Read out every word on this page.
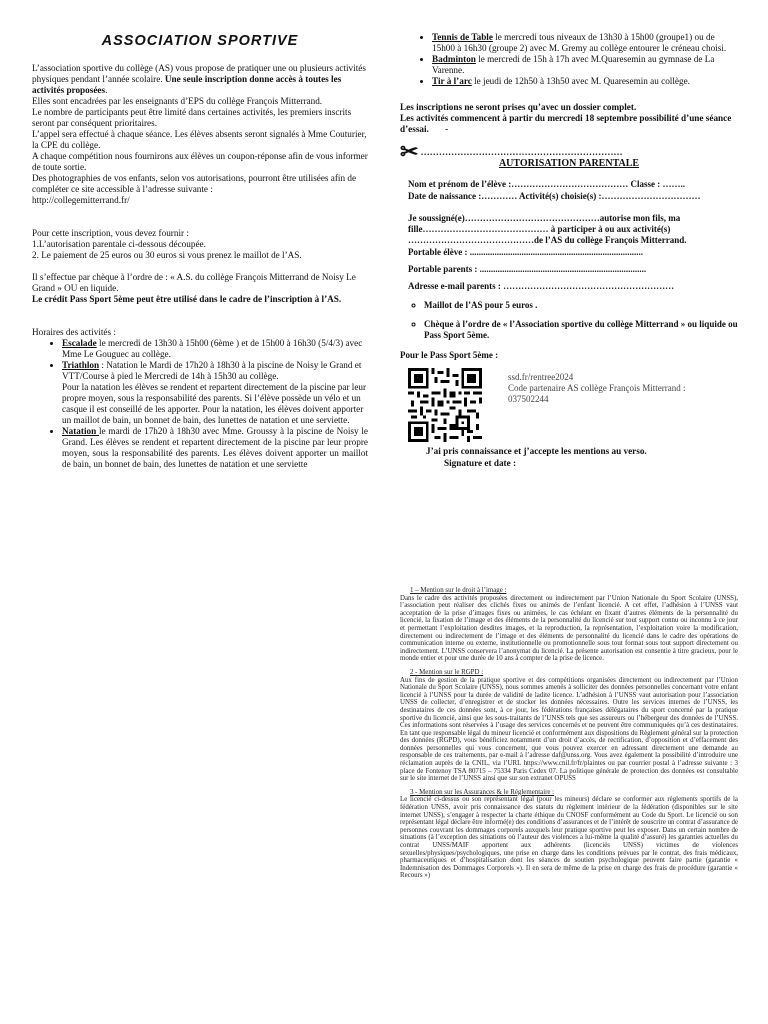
ASSOCIATION SPORTIVE

L’association sportive du collège (AS) vous propose de pratiquer une ou plusieurs activités physiques pendant l’année scolaire. Une seule inscription donne accès à toutes les activités proposées.

Elles sont encadrées par les enseignants d’EPS du collège François Mitterrand.

Le nombre de participants peut être limité dans certaines activités, les premiers inscrits seront par conséquent prioritaires.

L’appel sera effectué à chaque séance. Les élèves absents seront signalés à Mme Couturier, la CPE du collège.

A chaque compétition nous fournirons aux élèves un coupon-réponse afin de vous informer de toute sortie.

Des photographies de vos enfants, selon vos autorisations, pourront être utilisées afin de compléter ce site accessible à l’adresse suivante :

http://collegemitterrand.fr/

Pour cette inscription, vous devez fournir :

1.L’autorisation parentale ci-dessous découpée.

2. Le paiement de 25 euros ou 30 euros si vous prenez le maillot de l’AS.

Il s’effectue par chèque à l’ordre de : « A.S. du collège François Mitterrand de Noisy Le Grand » OU en liquide.

Le crédit Pass Sport 5ème peut être utilisé dans le cadre de l’inscription à l’AS.

Horaires des activités :

• Escalade le mercredi de 13h30 à 15h00 (6ème ) et de 15h00 à 16h30 (5/4/3) avec Mme Le Gouguec au collège.
• Triathlon : Natation le Mardi de 17h20 à 18h30 à la piscine de Noisy le Grand et VTT/Course à pied le Mercredi de 14h à 15h30 au collège.
Pour la natation les élèves se rendent et repartent directement de la piscine par leur propre moyen, sous la responsabilité des parents. Si l’élève possède un vélo et un casque il est conseillé de les apporter. Pour la natation, les élèves doivent apporter un maillot de bain, un bonnet de bain, des lunettes de natation et une serviette.
• Natation le mardi de 17h20 à 18h30 avec Mme. Groussy à la piscine de Noisy le Grand. Les élèves se rendent et repartent directement de la piscine par leur propre moyen, sous la responsabilité des parents. Les élèves doivent apporter un maillot de bain, un bonnet de bain, des lunettes de natation et une serviette
• Tennis de Table le mercredi tous niveaux de 13h30 à 15h00 (groupe1) ou de 15h00 à 16h30 (groupe 2) avec M. Gremy au collège entourer le créneau choisi.
• Badminton le mercredi de 15h à 17h avec M.Quaresemin au gymnase de La Varenne.
• Tir à l’arc le jeudi de 12h50 à 13h50 avec M. Quaresemin au collège.

Les inscriptions ne seront prises qu’avec un dossier complet.

Les activités commencent à partir du mercredi 18 septembre possibilité d’une séance d’essai. -

✂ …………………………………………………………
AUTORISATION PARENTALE

Nom et prénom de l’élève :………………………………… Classe : ……..

Date de naissance :………… Activité(s) choisie(s) :……………………………

Je soussigné(e)………………………………………autorise mon fils, ma fille…………………………………… à participer à ou aux activité(s) ……………………………………de l’AS du collège François Mitterrand.

Portable élève : .............................................................................

Portable parents : ..........................................................................

Adresse e-mail parents : …………………………………………………

◦ Maillot de l’AS pour 5 euros .
◦ Chèque à l’ordre de « l’Association sportive du collège Mitterrand » ou liquide ou Pass Sport 5ème.
Pour le Pass Sport 5ème :
ssd.fr/rentree2024
Code partenaire AS collège François Mitterrand :
037502244
J’ai pris connaissance et j’accepte les mentions au verso.
Signature et date :
1 – Mention sur le droit à l’image :
Dans le cadre des activités proposées directement ou indirectement par l’Union Nationale du Sport Scolaire (UNSS), l’association peut réaliser des clichés fixes ou animés de l’enfant licencié. A cet effet, l’adhésion à l’UNSS vaut acceptation de la prise d’images fixes ou animées, le cas échéant en fixant d’autres éléments de la personnalité du licencié, la fixation de l’image et des éléments de la personnalité du licencié sur tout support connu ou inconnu à ce jour et permettant l’exploitation desdites images, et la reproduction, la représentation, l’exploitation voire la modification, directement ou indirectement de l’image et des éléments de personnalité du licencié dans le cadre des opérations de communication interne ou externe, institutionnelle ou promotionnelle sous tout format sous tout support directement ou indirectement. L’UNSS conservera l’anonymat du licencié. La présente autorisation est consentie à titre gracieux, pour le monde entier et pour une durée de 10 ans à compter de la prise de licence.
2 - Mention sur le RGPD :
Aux fins de gestion de la pratique sportive et des compétitions organisées directement ou indirectement par l’Union Nationale du Sport Scolaire (UNSS), nous sommes amenés à solliciter des données personnelles concernant votre enfant licencié à l’UNSS pour la durée de validité de ladite licence. L’adhésion à l’UNSS vaut autorisation pour l’association UNSS de collecter, d’enregistrer et de stocker les données nécessaires. Outre les services internes de l’UNSS, les destinataires de ces données sont, à ce jour, les fédérations françaises délégataires du sport concerné par la pratique sportive du licencié, ainsi que les sous-traitants de l’UNSS tels que ses assureurs ou l’hébergeur des données de l’UNSS. Ces informations sont réservées à l’usage des services concernés et ne peuvent être communiquées qu’à ces destinataires. En tant que responsable légal du mineur licencié et conformément aux dispositions du Règlement général sur la protection des données (RGPD), vous bénéficiez notamment d’un droit d’accès, de rectification, d’opposition et d’effacement des données personnelles qui vous concernent, que vous pouvez exercer en adressant directement une demande au responsable de ces traitements, par e-mail à l’adresse daf@unss.org. Vous avez également la possibilité d’introduire une réclamation auprès de la CNIL, via l’URL https://www.cnil.fr/fr/plaintes ou par courrier postal à l’adresse suivante : 3 place de Fontenoy TSA 80715 – 75334 Paris Cedex 07. La politique générale de protection des données est consultable sur le site internet de l’UNSS ainsi que sur son extranet OPUSS
3 - Mention sur les Assurances & le Réglementaire :
Le licencié ci-dessus ou son représentant légal (pour les mineurs) déclare se conformer aux règlements sportifs de la fédération UNSS, avoir pris connaissance des statuts du règlement intérieur de la fédération (disponibles sur le site internet UNSS), s’engager à respecter la charte éthique du CNOSF conformément au Code du Sport. Le licencié ou son représentant légal déclare être informé(e) des conditions d’assurances et de l’intérêt de souscrire un contrat d’assurance de personnes couvrant les dommages corporels auxquels leur pratique sportive peut les exposer. Dans un certain nombre de situations (à l’exception des situations où l’auteur des violences a lui-même la qualité d’assuré) les garanties actuelles du contrat UNSS/MAIF apportent aux adhérents (licenciés UNSS) victimes de violences sexuelles/physiques/psychologiques, une prise en charge dans les conditions prévues par le contrat, des frais médicaux, pharmaceutiques et d’hospitalisation dont les séances de soutien psychologique peuvent faire partie (garantie « Indemnisation des Dommages Corporels »). Il en sera de même de la prise en charge des frais de procédure (garantie « Recours »)
